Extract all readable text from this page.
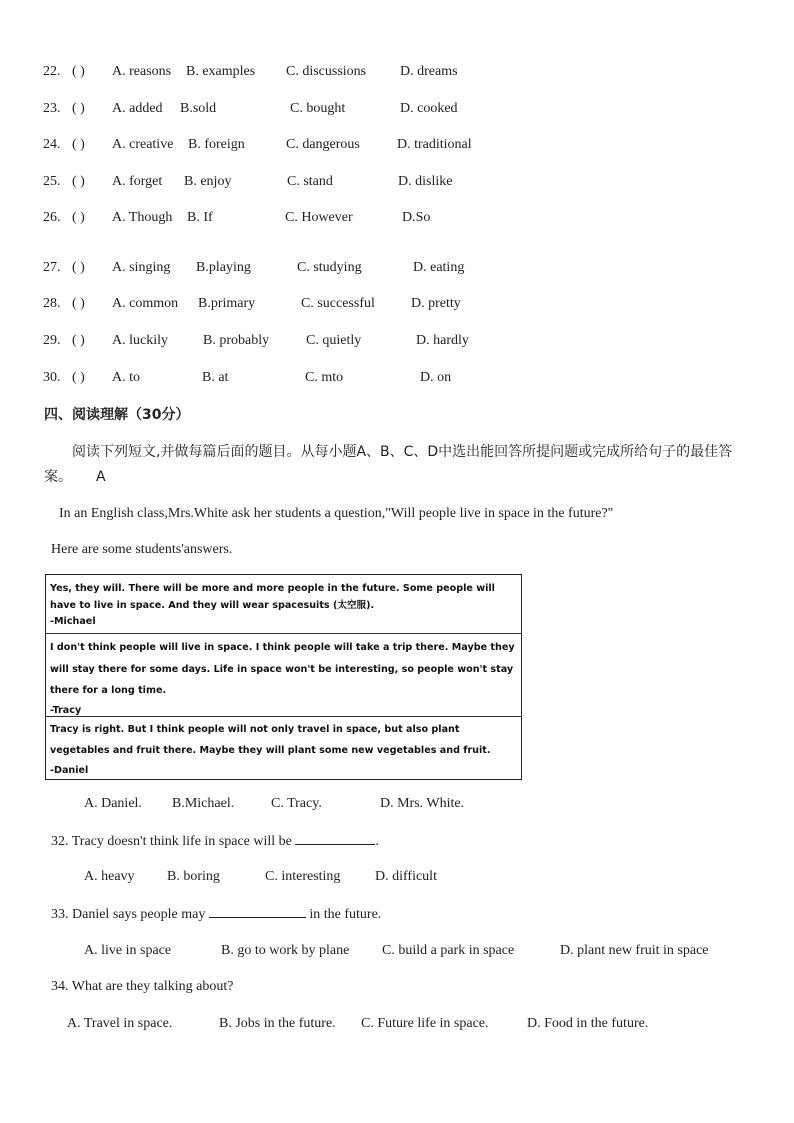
22. ( ) A. reasons B. examples C. discussions D. dreams
23. ( ) A. added B.sold	C. bought	D. cooked
24. ( ) A. creative B. foreign	C. dangerous	D. traditional
25. ( ) A. forget B. enjoy	C. stand	D. dislike
26. ( ) A. Though B. If	C. However	D.So
27. ( ) A. singing B.playing	C. studying	D. eating
28. ( ) A. common B.primary	C. successful	D. pretty
29. ( ) A. luckily	B. probably	C. quietly	D. hardly
30. ( ) A. to	B. at	C. mto	D. on
四、阅读理解（30分）
阅读下列短文,并做每篇后面的题目。从每小题A、B、C、D中选出能回答所提问题或完成所给句子的最佳答案。 A
In an English class,Mrs.White ask her students a question,"Will people live in space in the future?"
Here are some students'answers.
Yes, they will. There will be more and more people in the future. Some people will have to live in space. And they will wear spacesuits (太空服).
-Michael
I don't think people will live in space. I think people will take a trip there. Maybe they will stay there for some days. Life in space won't be interesting, so people won't stay there for a long time.
-Tracy
Tracy is right. But I think people will not only travel in space, but also plant vegetables and fruit there. Maybe they will plant some new vegetables and fruit.
-Daniel
A. Daniel. B.Michael.	C. Tracy.	D. Mrs. White.
32. Tracy doesn't think life in space will be	.
A. heavy B. boring	C. interesting D. difficult
33. Daniel says people may	in the future.
A. live in space	B. go to work by plane C. build a park in space	D. plant new fruit in space
34. What are they talking about?
A. Travel in space.	B. Jobs in the future. C. Future life in space.	D. Food in the future.
